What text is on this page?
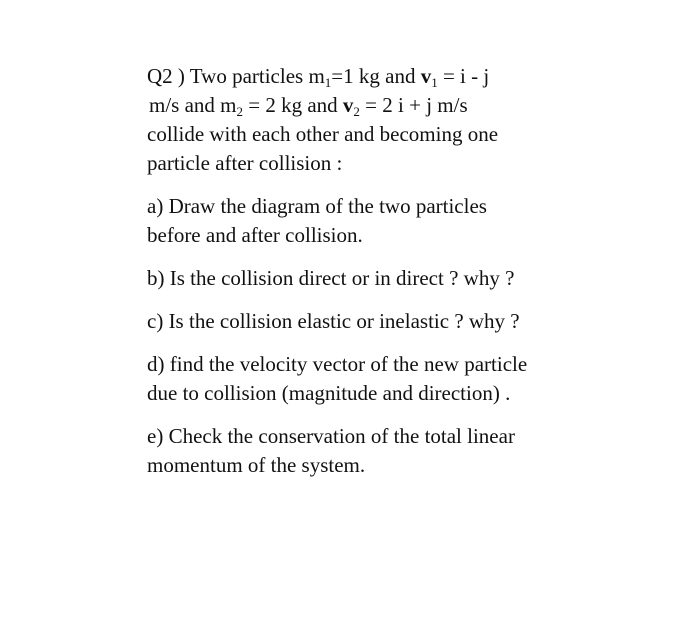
Q2 ) Two particles $m_1=1$ kg and $v_1 = i - j$
m/s and $m_2 = 2$ kg and $v_2 = 2$ i + j m/s
collide with each other and becoming one
particle after collision :
a) Draw the diagram of the two particles
before and after collision.
b) Is the collision direct or in direct ? why ?
c) Is the collision elastic or inelastic ? why ?
d) find the velocity vector of the new particle
due to collision (magnitude and direction) .
e) Check the conservation of the total linear
momentum of the system.
